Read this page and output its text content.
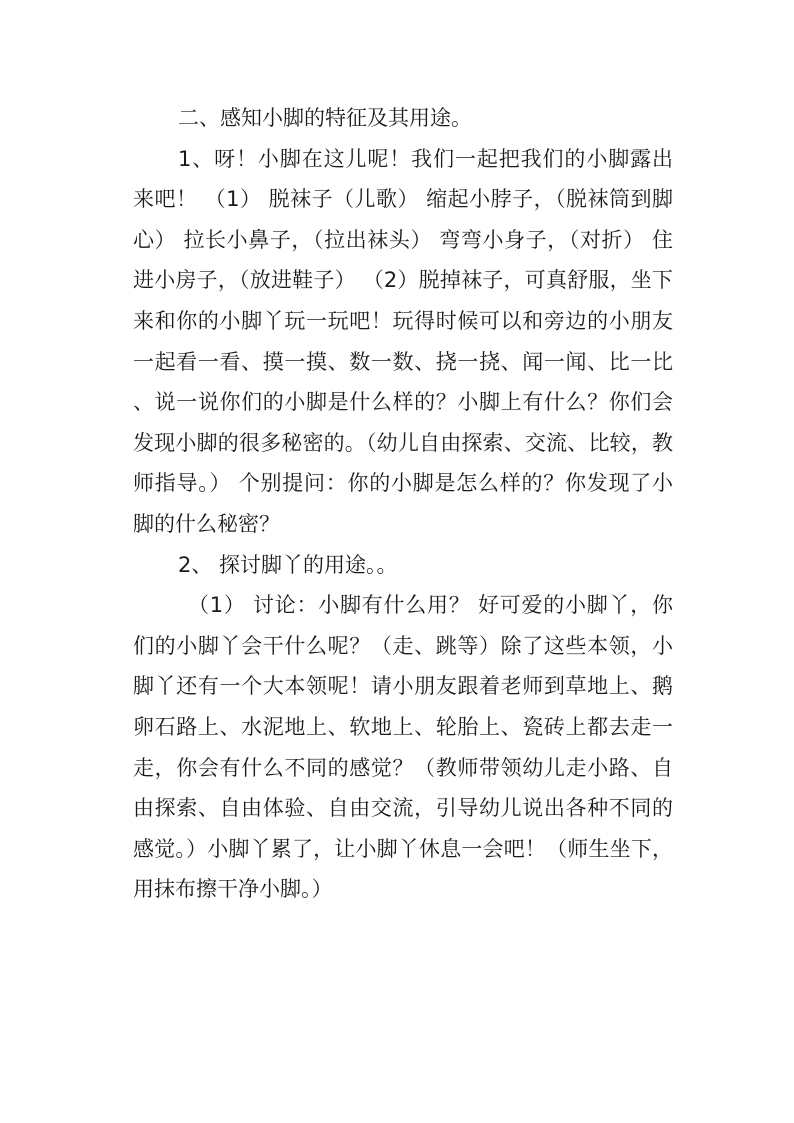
二、感知小脚的特征及其用途。

1、呀！小脚在这儿呢！我们一起把我们的小脚露出来吧！ （1） 脱袜子（儿歌） 缩起小脖子，（脱袜筒到脚心） 拉长小鼻子，（拉出袜头） 弯弯小身子，（对折） 住进小房子，（放进鞋子） （2）脱掉袜子，可真舒服，坐下来和你的小脚丫玩一玩吧！玩得时候可以和旁边的小朋友一起看一看、摸一摸、数一数、挠一挠、闻一闻、比一比、说一说你们的小脚是什么样的？小脚上有什么？你们会发现小脚的很多秘密的。（幼儿自由探索、交流、比较，教师指导。） 个别提问：你的小脚是怎么样的？你发现了小脚的什么秘密？

2、 探讨脚丫的用途。。

（1） 讨论：小脚有什么用？ 好可爱的小脚丫，你们的小脚丫会干什么呢？（走、跳等）除了这些本领，小脚丫还有一个大本领呢！请小朋友跟着老师到草地上、鹅卵石路上、水泥地上、软地上、轮胎上、瓷砖上都去走一走，你会有什么不同的感觉？（教师带领幼儿走小路、自由探索、自由体验、自由交流，引导幼儿说出各种不同的感觉。）小脚丫累了，让小脚丫休息一会吧！（师生坐下，用抹布擦干净小脚。）
